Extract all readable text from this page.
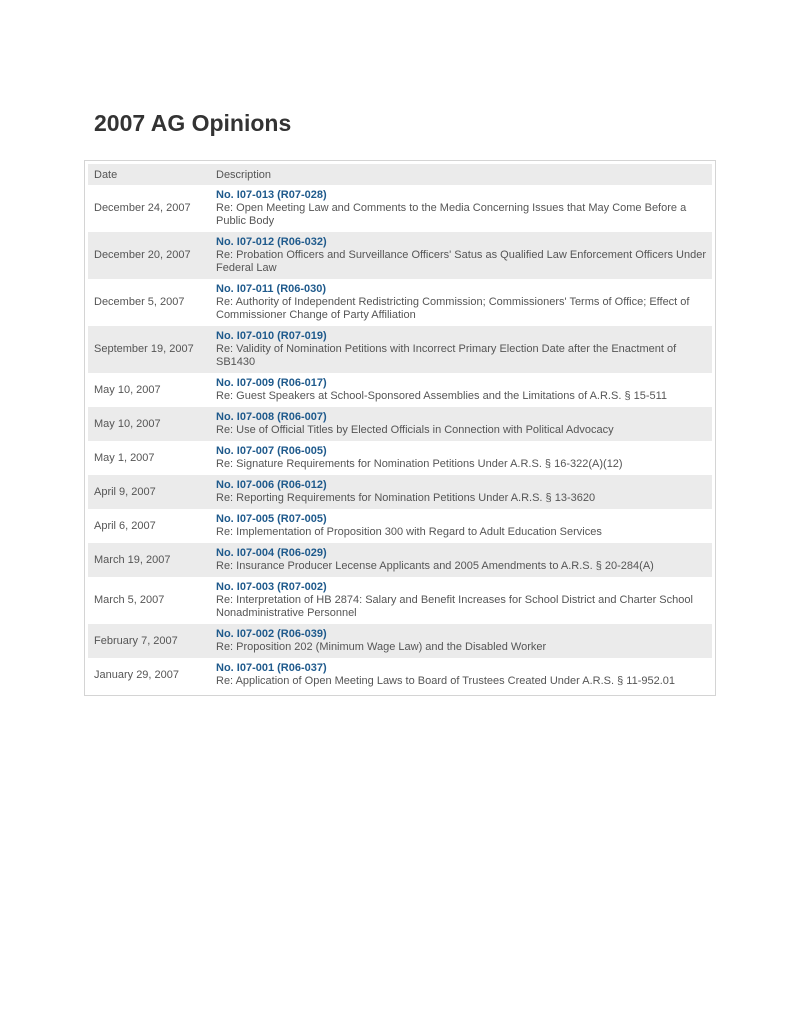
2007 AG Opinions
Date	Description
December 24, 2007	No. I07-013 (R07-028)
Re: Open Meeting Law and Comments to the Media Concerning Issues that May Come Before a Public Body

December 20, 2007	No. I07-012 (R06-032)
Re: Probation Officers and Surveillance Officers' Satus as Qualified Law Enforcement Officers Under Federal Law

December 5, 2007	No. I07-011 (R06-030)
Re: Authority of Independent Redistricting Commission; Commissioners' Terms of Office; Effect of Commissioner Change of Party Affiliation

September 19, 2007	No. I07-010 (R07-019)
Re: Validity of Nomination Petitions with Incorrect Primary Election Date after the Enactment of SB1430

May 10, 2007	No. I07-009 (R06-017)
Re: Guest Speakers at School-Sponsored Assemblies and the Limitations of A.R.S. § 15-511

May 10, 2007	No. I07-008 (R06-007)
Re: Use of Official Titles by Elected Officials in Connection with Political Advocacy

May 1, 2007	No. I07-007 (R06-005)
Re: Signature Requirements for Nomination Petitions Under A.R.S. § 16-322(A)(12)

April 9, 2007	No. I07-006 (R06-012)
Re: Reporting Requirements for Nomination Petitions Under A.R.S. § 13-3620

April 6, 2007	No. I07-005 (R07-005)
Re: Implementation of Proposition 300 with Regard to Adult Education Services

March 19, 2007	No. I07-004 (R06-029)
Re: Insurance Producer Lecense Applicants and 2005 Amendments to A.R.S. § 20-284(A)

March 5, 2007	No. I07-003 (R07-002)
Re: Interpretation of HB 2874: Salary and Benefit Increases for School District and Charter School Nonadministrative Personnel

February 7, 2007	No. I07-002 (R06-039)
Re: Proposition 202 (Minimum Wage Law) and the Disabled Worker

January 29, 2007	No. I07-001 (R06-037)
Re: Application of Open Meeting Laws to Board of Trustees Created Under A.R.S. § 11-952.01
